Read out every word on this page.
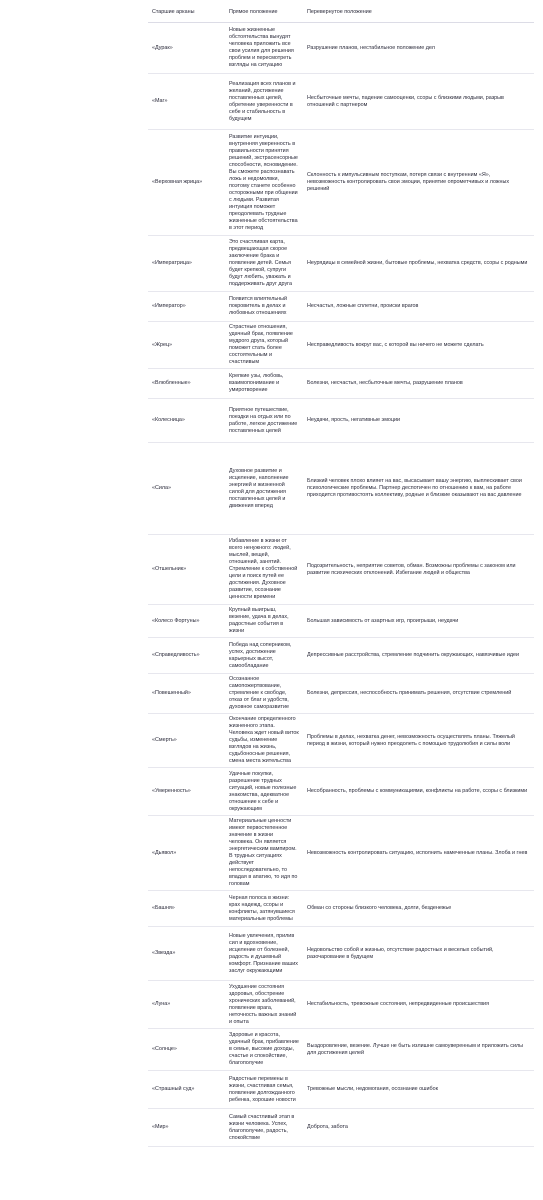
Старшие арканы	Прямое положение	Перевернутое положение
«Дурак»	Новые жизненные обстоятельства вынудят человека приложить все свои усилия для решения проблем и пересмотреть взгляды на ситуацию	Разрушение планов, нестабильное положение дел
«Маг»	Реализация всех планов и желаний, достижение поставленных целей, обретение уверенности в себе и стабильность в будущем	Несбыточные мечты, падение самооценки, ссоры с близкими людьми, разрыв отношений с партнером
«Верховная жрица»	Развитие интуиции, внутренняя уверенность в правильности принятия решений, экстрасенсорные способности, ясновидение. Вы сможете распознавать ложь и недомолвки, поэтому станете особенно осторожными при общении с людьми. Развитая интуиция поможет преодолевать трудные жизненные обстоятельства в этот период	Склонность к импульсивным поступкам, потеря связи с внутренним «Я», невозможность контролировать свои эмоции, принятие опрометчивых и ложных решений
«Императрица»	Это счастливая карта, предвещающая скорое заключение брака и появление детей. Семья будет крепкой, супруги будут любить, уважать и поддерживать друг друга	Неурядицы в семейной жизни, бытовые проблемы, нехватка средств, ссоры с родными
«Император»	Появится влиятельный покровитель в делах и любовных отношениях	Несчастья, ложные сплетни, происки врагов
«Жрец»	Страстные отношения, удачный брак, появление мудрого друга, который поможет стать более состоятельным и счастливым	Несправедливость вокруг вас, с которой вы ничего не можете сделать
«Влюбленные»	Крепкие узы, любовь, взаимопонимание и умиротворение	Болезни, несчастья, несбыточные мечты, разрушение планов
«Колесница»	Приятное путешествие, поездки на отдых или по работе, легкое достижение поставленных целей	Неудачи, ярость, негативные эмоции
«Сила»	Духовное развитие и исцеление, наполнение энергией и жизненной силой для достижения поставленных целей и движения вперед	Близкий человек плохо влияет на вас, высасывает вашу энергию, выплескивает свои психологические проблемы. Партнер деспотичен по отношению к вам, на работе приходится противостоять коллективу, родные и близкие оказывают на вас давление
«Отшельник»	Избавление в жизни от всего ненужного: людей, мыслей, вещей, отношений, занятий. Стремление к собственной цели и поиск путей ее достижения. Духовное развитие, осознание ценности времени	Подозрительность, неприятие советов, обман. Возможны проблемы с законом или развитие психических отклонений. Избегание людей и общества
«Колесо Фортуны»	Крупный выигрыш, везение, удача в делах, радостные события в жизни	Большая зависимость от азартных игр, проигрыши, неудачи
«Справедливость»	Победа над соперником, успех, достижение карьерных высот, самообладание	Депрессивные расстройства, стремление подчинить окружающих, навязчивые идеи
«Повешенный»	Осознанное самопожертвование, стремление к свободе, отказ от благ и удобств, духовное саморазвитие	Болезни, депрессия, неспособность принимать решения, отсутствие стремлений
«Смерть»	Окончание определенного жизненного этапа. Человека ждет новый виток судьбы, изменение взглядов на жизнь, судьбоносные решения, смена места жительства	Проблемы в делах, нехватка денег, невозможность осуществлять планы. Тяжелый период в жизни, который нужно преодолеть с помощью трудолюбия и силы воли
«Умеренность»	Удачные покупки, разрешение трудных ситуаций, новые полезные знакомства, адекватное отношение к себе и окружающим	Несобранность, проблемы с коммуникациями, конфликты на работе, ссоры с близкими
«Дьявол»	Материальные ценности имеют первостепенное значение в жизни человека. Он является энергетическим вампиром. В трудных ситуациях действует непоследовательно, то впадая в апатию, то идя по головам	Невозможность контролировать ситуацию, исполнить намеченные планы. Злоба и гнев
«Башня»	Черная полоса в жизни: крах надежд, ссоры и конфликты, затянувшиеся материальные проблемы	Обман со стороны близкого человека, долги, безденежье
«Звезда»	Новые увлечения, прилив сил и вдохновение, исцеление от болезней, радость и душевный комфорт. Признание ваших заслуг окружающими	Недовольство собой и жизнью, отсутствие радостных и веселых событий, разочарование в будущем
«Луна»	Ухудшение состояния здоровья, обострение хронических заболеваний, появление врага, неточность важных знаний и опыта	Нестабильность, тревожные состояния, непредвиденные происшествия
«Солнце»	Здоровье и красота, удачный брак, прибавление в семье, высокие доходы, счастье и спокойствие, благополучие	Выздоровление, везение. Лучше не быть излишне самоуверенным и приложить силы для достижения целей
«Страшный суд»	Радостные перемены в жизни, счастливая семья, появление долгожданного ребенка, хорошие новости	Тревожные мысли, недомогания, осознание ошибок
«Мир»	Самый счастливый этап в жизни человека. Успех, благополучие, радость, спокойствие	Доброта, забота
